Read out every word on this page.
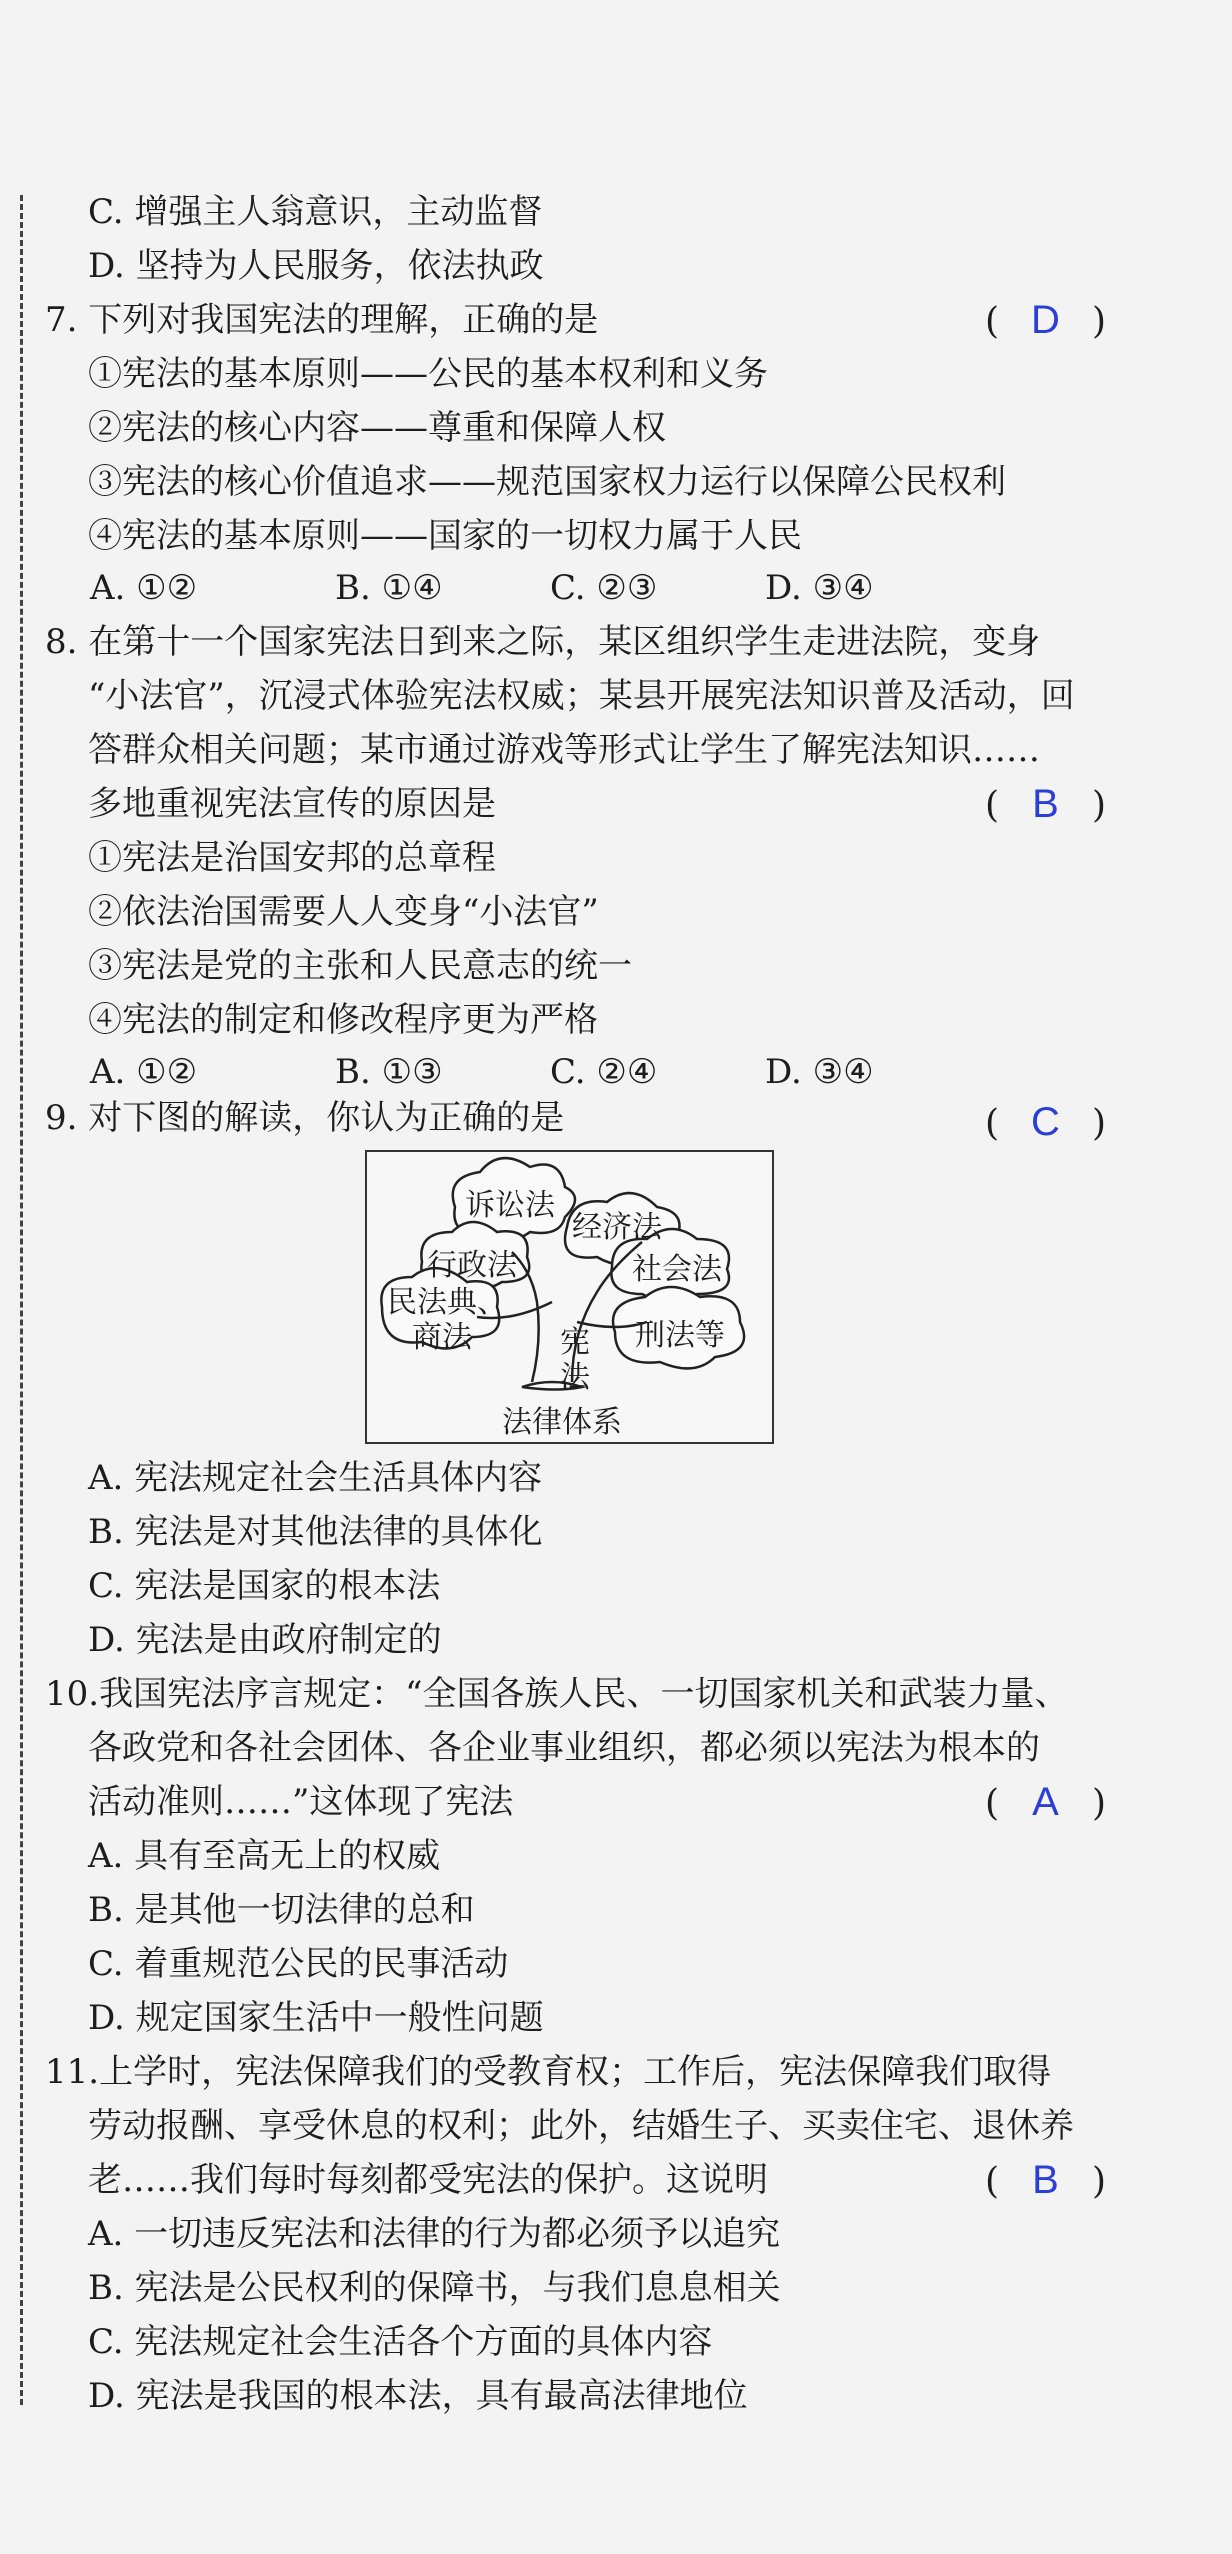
C. 增强主人翁意识，主动监督
D. 坚持为人民服务，依法执政
7. 下列对我国宪法的理解，正确的是	( D )
①宪法的基本原则——公民的基本权利和义务
②宪法的核心内容——尊重和保障人权
③宪法的核心价值追求——规范国家权力运行以保障公民权利
④宪法的基本原则——国家的一切权力属于人民
A. ①②	B. ①④	C. ②③	D. ③④
8. 在第十一个国家宪法日到来之际，某区组织学生走进法院，变身
“小法官”，沉浸式体验宪法权威；某县开展宪法知识普及活动，回
答群众相关问题；某市通过游戏等形式让学生了解宪法知识……
多地重视宪法宣传的原因是	( B )
①宪法是治国安邦的总章程
②依法治国需要人人变身“小法官”
③宪法是党的主张和人民意志的统一
④宪法的制定和修改程序更为严格
A. ①②	B. ①③	C. ②④	D. ③④
9. 对下图的解读，你认为正确的是	( C )
诉讼法
经济法
行政法	社会法
民法典、
商法	刑法等
宪
法
法律体系
A. 宪法规定社会生活具体内容
B. 宪法是对其他法律的具体化
C. 宪法是国家的根本法
D. 宪法是由政府制定的
10.我国宪法序言规定：“全国各族人民、一切国家机关和武装力量、
各政党和各社会团体、各企业事业组织，都必须以宪法为根本的
活动准则……”这体现了宪法	( A )
A. 具有至高无上的权威
B. 是其他一切法律的总和
C. 着重规范公民的民事活动
D. 规定国家生活中一般性问题
11.上学时，宪法保障我们的受教育权；工作后，宪法保障我们取得
劳动报酬、享受休息的权利；此外，结婚生子、买卖住宅、退休养
老……我们每时每刻都受宪法的保护。这说明	( B )
A. 一切违反宪法和法律的行为都必须予以追究
B. 宪法是公民权利的保障书，与我们息息相关
C. 宪法规定社会生活各个方面的具体内容
D. 宪法是我国的根本法，具有最高法律地位
